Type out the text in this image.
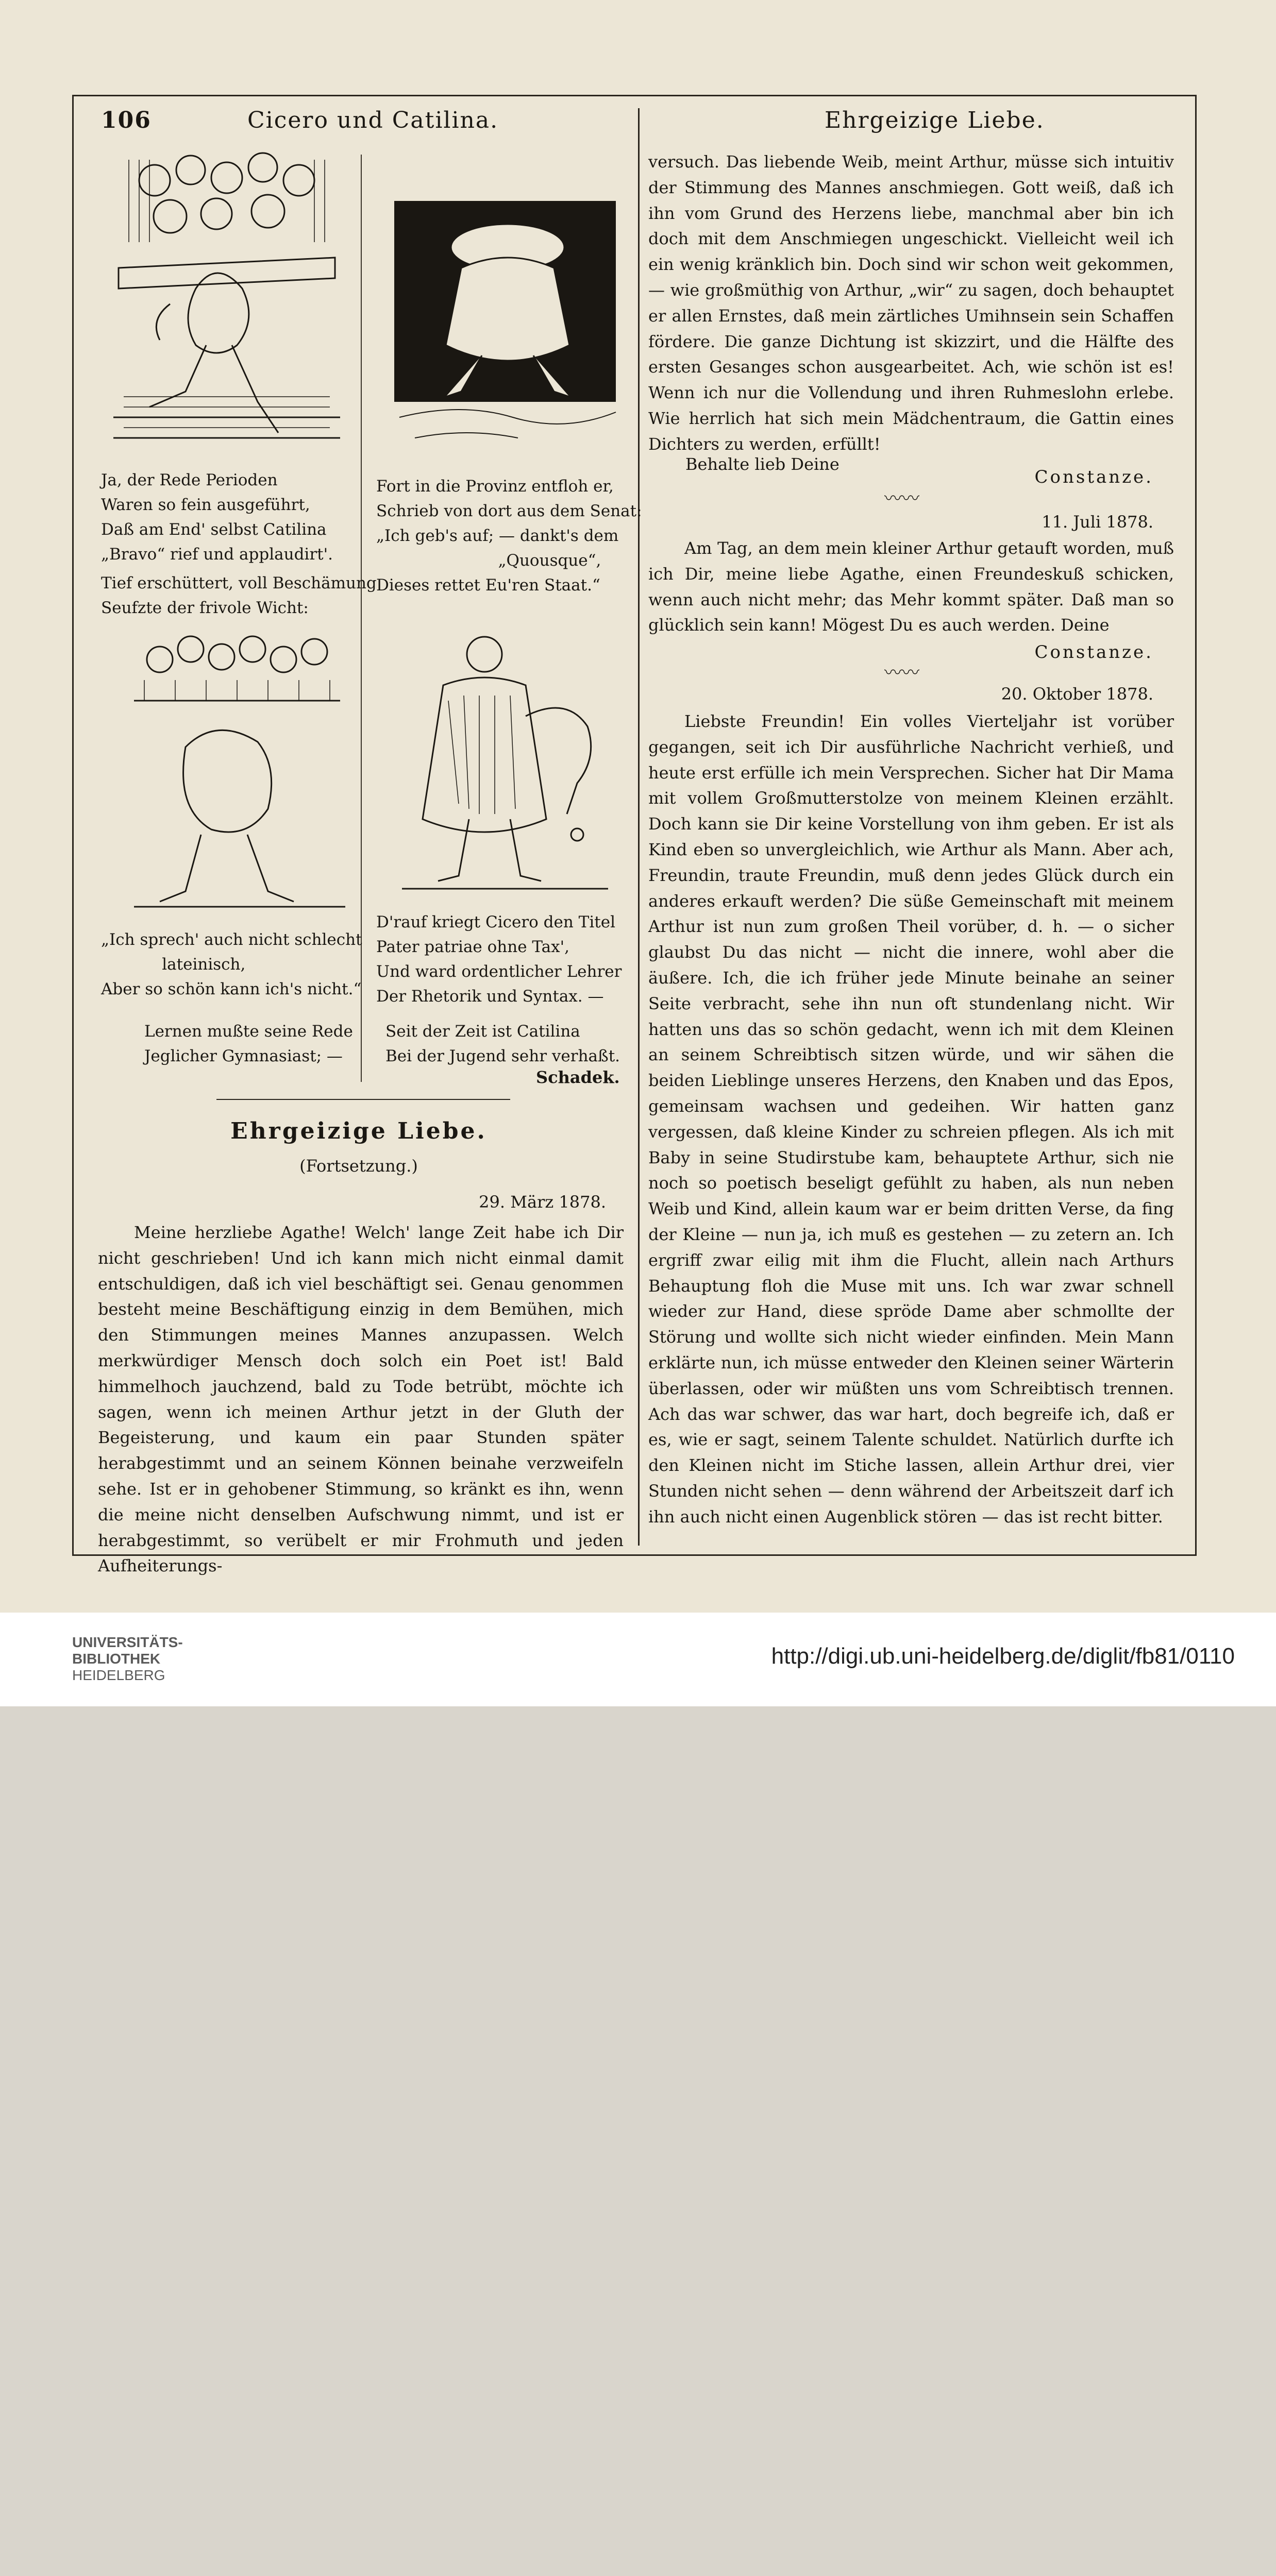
106	Cicero und Catilina.	Ehrgeizige Liebe.
Ja, der Rede Perioden
Waren so fein ausgeführt,
Daß am End' selbst Catilina
„Bravo“ rief und applaudirt'.
Tief erschüttert, voll Beschämung
Seufzte der frivole Wicht:
„Ich sprech' auch nicht schlecht
lateinisch,
Aber so schön kann ich's nicht.“
Lernen mußte seine Rede
Jeglicher Gymnasiast; —
Fort in die Provinz entfloh er,
Schrieb von dort aus dem Senat:
„Ich geb's auf; — dankt's dem
„Quousque“,
Dieses rettet Eu'ren Staat.“
D'rauf kriegt Cicero den Titel
Pater patriae ohne Tax',
Und ward ordentlicher Lehrer
Der Rhetorik und Syntax. —
Seit der Zeit ist Catilina
Bei der Jugend sehr verhaßt.
Schadek.
Ehrgeizige Liebe.
(Fortsetzung.)
29. März 1878.

Meine herzliebe Agathe! Welch' lange Zeit habe ich Dir nicht geschrieben! Und ich kann mich nicht einmal damit entschuldigen, daß ich viel beschäftigt sei. Genau genommen besteht meine Beschäftigung einzig in dem Bemühen, mich den Stimmungen meines Mannes anzupassen. Welch merkwürdiger Mensch doch solch ein Poet ist! Bald himmelhoch jauchzend, bald zu Tode betrübt, möchte ich sagen, wenn ich meinen Arthur jetzt in der Gluth der Begeisterung, und kaum ein paar Stunden später herabgestimmt und an seinem Können beinahe verzweifeln sehe. Ist er in gehobener Stimmung, so kränkt es ihn, wenn die meine nicht denselben Aufschwung nimmt, und ist er herabgestimmt, so verübelt er mir Frohmuth und jeden Aufheiterungs-

versuch. Das liebende Weib, meint Arthur, müsse sich intuitiv der Stimmung des Mannes anschmiegen. Gott weiß, daß ich ihn vom Grund des Herzens liebe, manchmal aber bin ich doch mit dem Anschmiegen ungeschickt. Vielleicht weil ich ein wenig kränklich bin. Doch sind wir schon weit gekommen, — wie großmüthig von Arthur, „wir“ zu sagen, doch behauptet er allen Ernstes, daß mein zärtliches Umihnsein sein Schaffen fördere. Die ganze Dichtung ist skizzirt, und die Hälfte des ersten Gesanges schon ausgearbeitet. Ach, wie schön ist es! Wenn ich nur die Vollendung und ihren Ruhmeslohn erlebe. Wie herrlich hat sich mein Mädchentraum, die Gattin eines Dichters zu werden, erfüllt!

Behalte lieb Deine
Constanze.
〰〰
11. Juli 1878.

Am Tag, an dem mein kleiner Arthur getauft worden, muß ich Dir, meine liebe Agathe, einen Freundeskuß schicken, wenn auch nicht mehr; das Mehr kommt später. Daß man so glücklich sein kann! Mögest Du es auch werden. Deine

Constanze.
〰〰
20. Oktober 1878.

Liebste Freundin! Ein volles Vierteljahr ist vorüber gegangen, seit ich Dir ausführliche Nachricht verhieß, und heute erst erfülle ich mein Versprechen. Sicher hat Dir Mama mit vollem Großmutterstolze von meinem Kleinen erzählt. Doch kann sie Dir keine Vorstellung von ihm geben. Er ist als Kind eben so unvergleichlich, wie Arthur als Mann. Aber ach, Freundin, traute Freundin, muß denn jedes Glück durch ein anderes erkauft werden? Die süße Gemeinschaft mit meinem Arthur ist nun zum großen Theil vorüber, d. h. — o sicher glaubst Du das nicht — nicht die innere, wohl aber die äußere. Ich, die ich früher jede Minute beinahe an seiner Seite verbracht, sehe ihn nun oft stundenlang nicht. Wir hatten uns das so schön gedacht, wenn ich mit dem Kleinen an seinem Schreibtisch sitzen würde, und wir sähen die beiden Lieblinge unseres Herzens, den Knaben und das Epos, gemeinsam wachsen und gedeihen. Wir hatten ganz vergessen, daß kleine Kinder zu schreien pflegen. Als ich mit Baby in seine Studirstube kam, behauptete Arthur, sich nie noch so poetisch beseligt gefühlt zu haben, als nun neben Weib und Kind, allein kaum war er beim dritten Verse, da fing der Kleine — nun ja, ich muß es gestehen — zu zetern an. Ich ergriff zwar eilig mit ihm die Flucht, allein nach Arthurs Behauptung floh die Muse mit uns. Ich war zwar schnell wieder zur Hand, diese spröde Dame aber schmollte der Störung und wollte sich nicht wieder einfinden. Mein Mann erklärte nun, ich müsse entweder den Kleinen seiner Wärterin überlassen, oder wir müßten uns vom Schreibtisch trennen. Ach das war schwer, das war hart, doch begreife ich, daß er es, wie er sagt, seinem Talente schuldet. Natürlich durfte ich den Kleinen nicht im Stiche lassen, allein Arthur drei, vier Stunden nicht sehen — denn während der Arbeitszeit darf ich ihn auch nicht einen Augenblick stören — das ist recht bitter.

UNIVERSITÄTS-
BIBLIOTHEK
HEIDELBERG
http://digi.ub.uni-heidelberg.de/diglit/fb81/0110
